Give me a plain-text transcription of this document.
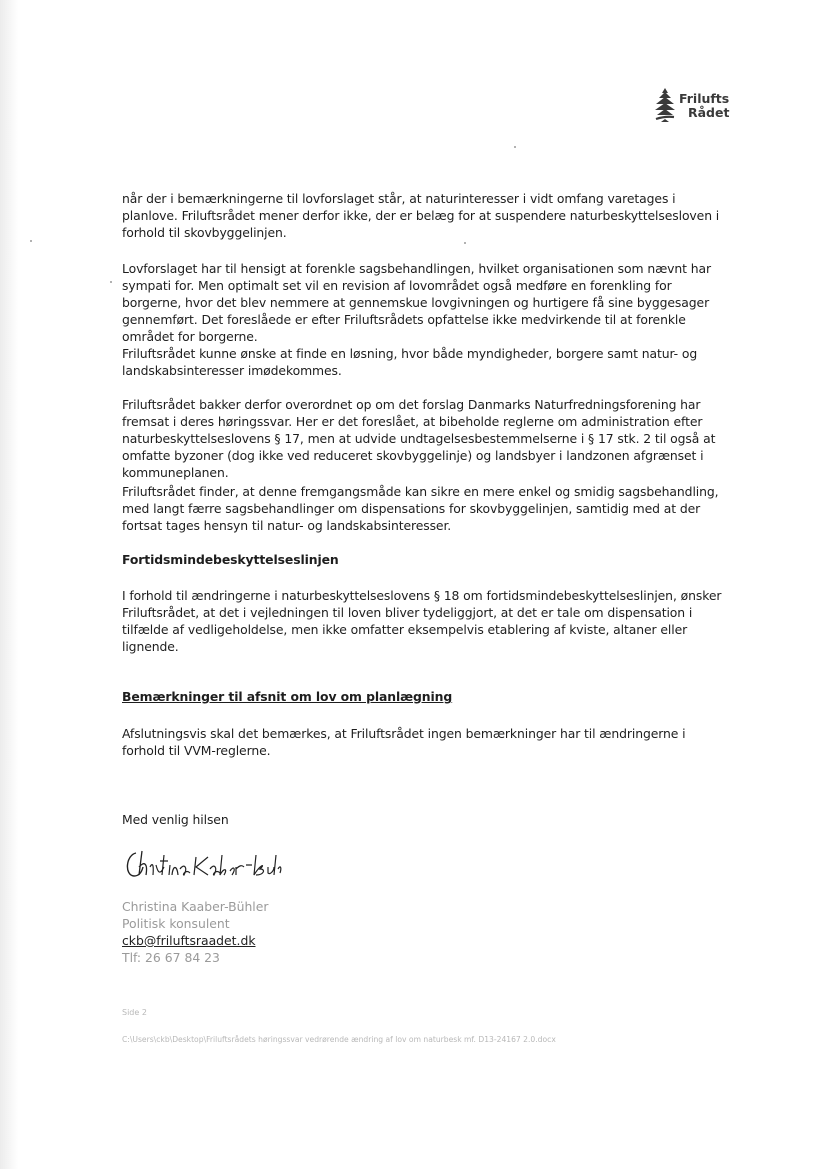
Frilufts
Rådet

når der i bemærkningerne til lovforslaget står, at naturinteresser i vidt omfang varetages i planlove. Friluftsrådet mener derfor ikke, der er belæg for at suspendere naturbeskyttelsesloven i forhold til skovbyggelinjen.

Lovforslaget har til hensigt at forenkle sagsbehandlingen, hvilket organisationen som nævnt har sympati for. Men optimalt set vil en revision af lovområdet også medføre en forenkling for borgerne, hvor det blev nemmere at gennemskue lovgivningen og hurtigere få sine byggesager gennemført. Det foreslåede er efter Friluftsrådets opfattelse ikke medvirkende til at forenkle området for borgerne.

Friluftsrådet kunne ønske at finde en løsning, hvor både myndigheder, borgere samt natur- og landskabsinteresser imødekommes.

Friluftsrådet bakker derfor overordnet op om det forslag Danmarks Naturfredningsforening har fremsat i deres høringssvar. Her er det foreslået, at bibeholde reglerne om administration efter naturbeskyttelseslovens § 17, men at udvide undtagelsesbestemmelserne i § 17 stk. 2 til også at omfatte byzoner (dog ikke ved reduceret skovbyggelinje) og landsbyer i landzonen afgrænset i kommuneplanen.

Friluftsrådet finder, at denne fremgangsmåde kan sikre en mere enkel og smidig sagsbehandling, med langt færre sagsbehandlinger om dispensations for skovbyggelinjen, samtidig med at der fortsat tages hensyn til natur- og landskabsinteresser.

Fortidsmindebeskyttelseslinjen

I forhold til ændringerne i naturbeskyttelseslovens § 18 om fortidsmindebeskyttelseslinjen, ønsker Friluftsrådet, at det i vejledningen til loven bliver tydeliggjort, at det er tale om dispensation i tilfælde af vedligeholdelse, men ikke omfatter eksempelvis etablering af kviste, altaner eller lignende.

Bemærkninger til afsnit om lov om planlægning

Afslutningsvis skal det bemærkes, at Friluftsrådet ingen bemærkninger har til ændringerne i forhold til VVM-reglerne.

Med venlig hilsen

Christina Kaaber-Bühler
Politisk konsulent
ckb@friluftsraadet.dk
Tlf: 26 67 84 23
Side 2
C:\Users\ckb\Desktop\Friluftsrådets høringssvar vedrørende ændring af lov om naturbesk mf. D13-24167 2.0.docx
